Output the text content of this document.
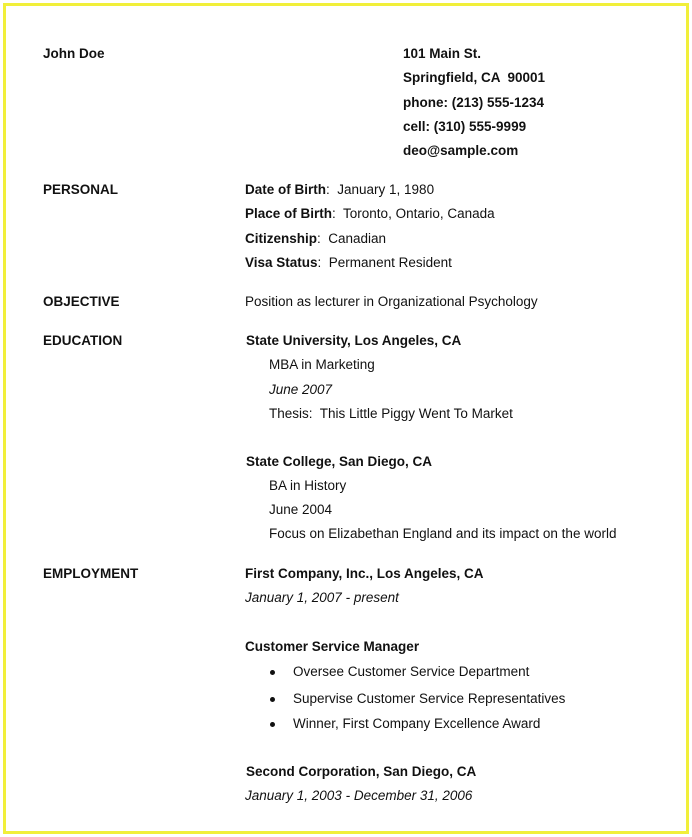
John Doe	101 Main St.
Springfield, CA  90001
phone: (213) 555-1234
cell: (310) 555-9999
deo@sample.com
PERSONAL	Date of Birth:  January 1, 1980
Place of Birth:  Toronto, Ontario, Canada
Citizenship:  Canadian
Visa Status:  Permanent Resident
OBJECTIVE	Position as lecturer in Organizational Psychology
EDUCATION	State University, Los Angeles, CA
MBA in Marketing
June 2007
Thesis:  This Little Piggy Went To Market
State College, San Diego, CA
BA in History
June 2004
Focus on Elizabethan England and its impact on the world
EMPLOYMENT	First Company, Inc., Los Angeles, CA
January 1, 2007 - present
Customer Service Manager
Oversee Customer Service Department
Supervise Customer Service Representatives
Winner, First Company Excellence Award
Second Corporation, San Diego, CA
January 1, 2003 - December 31, 2006
